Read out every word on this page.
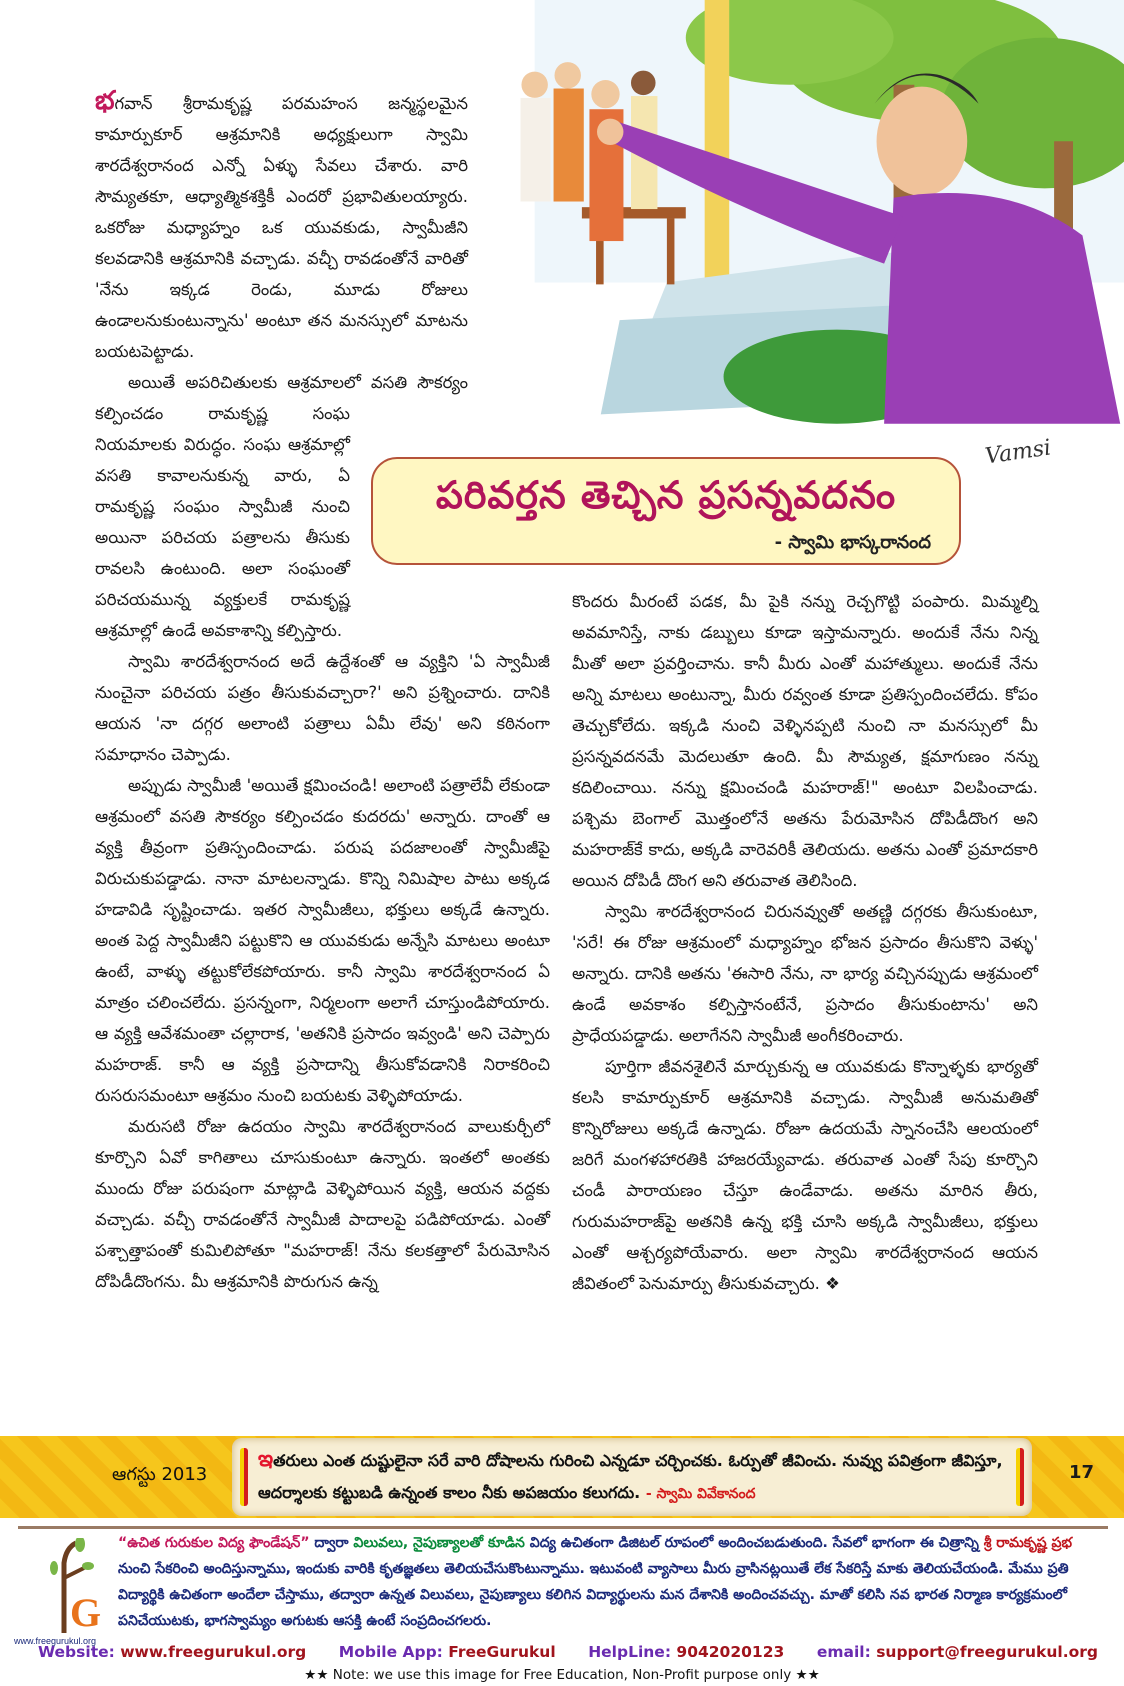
Vamsi

భగవాన్ శ్రీరామకృష్ణ పరమహంస జన్మస్థలమైన కామార్పుకూర్ ఆశ్రమానికి అధ్యక్షులుగా స్వామి శారదేశ్వరానంద ఎన్నో ఏళ్ళు సేవలు చేశారు. వారి సౌమ్యతకూ, ఆధ్యాత్మికశక్తికీ ఎందరో ప్రభావితులయ్యారు. ఒకరోజు మధ్యాహ్నం ఒక యువకుడు, స్వామీజీని కలవడానికి ఆశ్రమానికి వచ్చాడు. వచ్చీ రావడంతోనే వారితో 'నేను ఇక్కడ రెండు, మూడు రోజులు ఉండాలనుకుంటున్నాను' అంటూ తన మనస్సులో మాటను బయటపెట్టాడు.

అయితే అపరిచితులకు ఆశ్రమాలలో వసతి సౌకర్యం కల్పించడం రామకృష్ణ సంఘ నియమాలకు విరుద్ధం. సంఘ ఆశ్రమాల్లో వసతి కావాలనుకున్న వారు, ఏ రామకృష్ణ సంఘం స్వామీజీ నుంచి అయినా పరిచయ పత్రాలను తీసుకు రావలసి ఉంటుంది. అలా సంఘంతో పరిచయమున్న వ్యక్తులకే రామకృష్ణ ఆశ్రమాల్లో ఉండే అవకాశాన్ని కల్పిస్తారు.

స్వామి శారదేశ్వరానంద అదే ఉద్దేశంతో ఆ వ్యక్తిని 'ఏ స్వామీజీ నుంచైనా పరిచయ పత్రం తీసుకువచ్చారా?' అని ప్రశ్నించారు. దానికి ఆయన 'నా దగ్గర అలాంటి పత్రాలు ఏమీ లేవు' అని కఠినంగా సమాధానం చెప్పాడు.

అప్పుడు స్వామీజీ 'అయితే క్షమించండి! అలాంటి పత్రాలేవీ లేకుండా ఆశ్రమంలో వసతి సౌకర్యం కల్పించడం కుదరదు' అన్నారు. దాంతో ఆ వ్యక్తి తీవ్రంగా ప్రతిస్పందించాడు. పరుష పదజాలంతో స్వామీజీపై విరుచుకుపడ్డాడు. నానా మాటలన్నాడు. కొన్ని నిమిషాల పాటు అక్కడ హడావిడి సృష్టించాడు. ఇతర స్వామీజీలు, భక్తులు అక్కడే ఉన్నారు. అంత పెద్ద స్వామీజీని పట్టుకొని ఆ యువకుడు అన్నేసి మాటలు అంటూ ఉంటే, వాళ్ళు తట్టుకోలేకపోయారు. కానీ స్వామి శారదేశ్వరానంద ఏ మాత్రం చలించలేదు. ప్రసన్నంగా, నిర్మలంగా అలాగే చూస్తుండిపోయారు. ఆ వ్యక్తి ఆవేశమంతా చల్లారాక, 'అతనికి ప్రసాదం ఇవ్వండి' అని చెప్పారు మహరాజ్. కానీ ఆ వ్యక్తి ప్రసాదాన్ని తీసుకోవడానికి నిరాకరించి రుసరుసమంటూ ఆశ్రమం నుంచి బయటకు వెళ్ళిపోయాడు.

మరుసటి రోజు ఉదయం స్వామి శారదేశ్వరానంద వాలుకుర్చీలో కూర్చొని ఏవో కాగితాలు చూసుకుంటూ ఉన్నారు. ఇంతలో అంతకు ముందు రోజు పరుషంగా మాట్లాడి వెళ్ళిపోయిన వ్యక్తి, ఆయన వద్దకు వచ్చాడు. వచ్చీ రావడంతోనే స్వామీజీ పాదాలపై పడిపోయాడు. ఎంతో పశ్చాత్తాపంతో కుమిలిపోతూ "మహరాజ్! నేను కలకత్తాలో పేరుమోసిన దోపిడీదొంగను. మీ ఆశ్రమానికి పొరుగున ఉన్న

పరివర్తన తెచ్చిన ప్రసన్నవదనం
- స్వామి భాస్కరానంద

కొందరు మీరంటే పడక, మీ పైకి నన్ను రెచ్చగొట్టి పంపారు. మిమ్మల్ని అవమానిస్తే, నాకు డబ్బులు కూడా ఇస్తామన్నారు. అందుకే నేను నిన్న మీతో అలా ప్రవర్తించాను. కానీ మీరు ఎంతో మహాత్ములు. అందుకే నేను అన్ని మాటలు అంటున్నా, మీరు రవ్వంత కూడా ప్రతిస్పందించలేదు. కోపం తెచ్చుకోలేదు. ఇక్కడి నుంచి వెళ్ళినప్పటి నుంచి నా మనస్సులో మీ ప్రసన్నవదనమే మెదలుతూ ఉంది. మీ సౌమ్యత, క్షమాగుణం నన్ను కదిలించాయి. నన్ను క్షమించండి మహరాజ్!" అంటూ విలపించాడు. పశ్చిమ బెంగాల్ మొత్తంలోనే అతను పేరుమోసిన దోపిడీదొంగ అని మహరాజ్‌కే కాదు, అక్కడి వారెవరికీ తెలియదు. అతను ఎంతో ప్రమాదకారి అయిన దోపిడీ దొంగ అని తరువాత తెలిసింది.

స్వామి శారదేశ్వరానంద చిరునవ్వుతో అతణ్ణి దగ్గరకు తీసుకుంటూ, 'సరే! ఈ రోజు ఆశ్రమంలో మధ్యాహ్నం భోజన ప్రసాదం తీసుకొని వెళ్ళు' అన్నారు. దానికి అతను 'ఈసారి నేను, నా భార్య వచ్చినప్పుడు ఆశ్రమంలో ఉండే అవకాశం కల్పిస్తానంటేనే, ప్రసాదం తీసుకుంటాను' అని ప్రాధేయపడ్డాడు. అలాగేనని స్వామీజీ అంగీకరించారు.

పూర్తిగా జీవనశైలినే మార్చుకున్న ఆ యువకుడు కొన్నాళ్ళకు భార్యతో కలసి కామార్పుకూర్ ఆశ్రమానికి వచ్చాడు. స్వామీజీ అనుమతితో కొన్నిరోజులు అక్కడే ఉన్నాడు. రోజూ ఉదయమే స్నానంచేసి ఆలయంలో జరిగే మంగళహారతికి హాజరయ్యేవాడు. తరువాత ఎంతో సేపు కూర్చొని చండీ పారాయణం చేస్తూ ఉండేవాడు. అతను మారిన తీరు, గురుమహరాజ్‌పై అతనికి ఉన్న భక్తి చూసి అక్కడి స్వామీజీలు, భక్తులు ఎంతో ఆశ్చర్యపోయేవారు. అలా స్వామి శారదేశ్వరానంద ఆయన జీవితంలో పెనుమార్పు తీసుకువచ్చారు. ❖

ఆగస్టు 2013
ఇతరులు ఎంత దుష్టులైనా సరే వారి దోషాలను గురించి ఎన్నడూ చర్చించకు. ఓర్పుతో జీవించు. నువ్వు పవిత్రంగా జీవిస్తూ, ఆదర్శాలకు కట్టుబడి ఉన్నంత కాలం నీకు అపజయం కలుగదు. - స్వామి వివేకానంద
17
G
www.freegurukul.org
“ఉచిత గురుకుల విద్య ఫౌండేషన్” ద్వారా విలువలు, నైపుణ్యాలతో కూడిన విద్య ఉచితంగా డిజిటల్ రూపంలో అందించబడుతుంది. సేవలో భాగంగా ఈ చిత్రాన్ని శ్రీ రామకృష్ణ ప్రభ నుంచి సేకరించి అందిస్తున్నాము, ఇందుకు వారికి కృతజ్ఞతలు తెలియచేసుకొంటున్నాము. ఇటువంటి వ్యాసాలు మీరు వ్రాసినట్లయితే లేక సేకరిస్తే మాకు తెలియచేయండి. మేము ప్రతి విద్యార్థికి ఉచితంగా అందేలా చేస్తాము, తద్వారా ఉన్నత విలువలు, నైపుణ్యాలు కలిగిన విద్యార్థులను మన దేశానికి అందించవచ్చు. మాతో కలిసి నవ భారత నిర్మాణ కార్యక్రమంలో పనిచేయుటకు, భాగస్వామ్యం అగుటకు ఆసక్తి ఉంటే సంప్రదించగలరు.
Website: www.freegurukul.org Mobile App: FreeGurukul HelpLine: 9042020123 email: support@freegurukul.org
★★ Note: we use this image for Free Education, Non-Profit purpose only ★★
